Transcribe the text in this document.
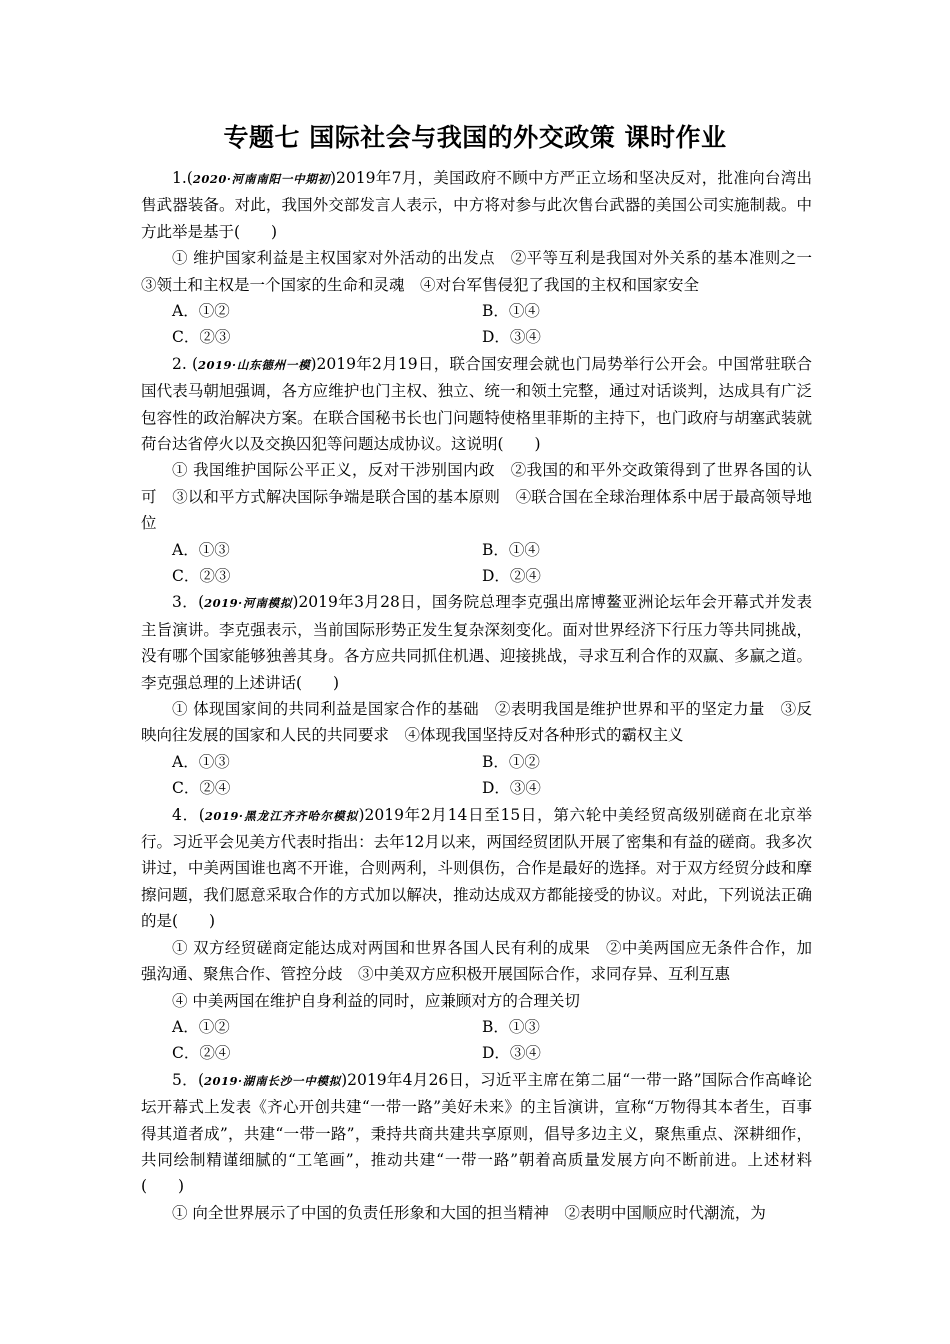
专题七 国际社会与我国的外交政策 课时作业

1.(2020·河南南阳一中期初)2019年7月，美国政府不顾中方严正立场和坚决反对，批准向台湾出售武器装备。对此，我国外交部发言人表示，中方将对参与此次售台武器的美国公司实施制裁。中方此举是基于(　　)

① 维护国家利益是主权国家对外活动的出发点　②平等互利是我国对外关系的基本准则之一　③领土和主权是一个国家的生命和灵魂　④对台军售侵犯了我国的主权和国家安全

A．①②	B．①④
C．②③	D．③④

2. (2019·山东德州一模)2019年2月19日，联合国安理会就也门局势举行公开会。中国常驻联合国代表马朝旭强调，各方应维护也门主权、独立、统一和领土完整，通过对话谈判，达成具有广泛包容性的政治解决方案。在联合国秘书长也门问题特使格里菲斯的主持下，也门政府与胡塞武装就荷台达省停火以及交换囚犯等问题达成协议。这说明(　　)

① 我国维护国际公平正义，反对干涉别国内政　②我国的和平外交政策得到了世界各国的认可　③以和平方式解决国际争端是联合国的基本原则　④联合国在全球治理体系中居于最高领导地位

A．①③	B．①④
C．②③	D．②④

3．(2019·河南模拟)2019年3月28日，国务院总理李克强出席博鳌亚洲论坛年会开幕式并发表主旨演讲。李克强表示，当前国际形势正发生复杂深刻变化。面对世界经济下行压力等共同挑战，没有哪个国家能够独善其身。各方应共同抓住机遇、迎接挑战，寻求互利合作的双赢、多赢之道。李克强总理的上述讲话(　　)

① 体现国家间的共同利益是国家合作的基础　②表明我国是维护世界和平的坚定力量　③反映向往发展的国家和人民的共同要求　④体现我国坚持反对各种形式的霸权主义

A．①③	B．①②
C．②④	D．③④

4．(2019·黑龙江齐齐哈尔模拟)2019年2月14日至15日，第六轮中美经贸高级别磋商在北京举行。习近平会见美方代表时指出：去年12月以来，两国经贸团队开展了密集和有益的磋商。我多次讲过，中美两国谁也离不开谁，合则两利，斗则俱伤，合作是最好的选择。对于双方经贸分歧和摩擦问题，我们愿意采取合作的方式加以解决，推动达成双方都能接受的协议。对此，下列说法正确的是(　　)

① 双方经贸磋商定能达成对两国和世界各国人民有利的成果　②中美两国应无条件合作，加强沟通、聚焦合作、管控分歧　③中美双方应积极开展国际合作，求同存异、互利互惠

④ 中美两国在维护自身利益的同时，应兼顾对方的合理关切

A．①②	B．①③
C．②④	D．③④

5．(2019·湖南长沙一中模拟)2019年4月26日，习近平主席在第二届“一带一路”国际合作高峰论坛开幕式上发表《齐心开创共建“一带一路”美好未来》的主旨演讲，宣称“万物得其本者生，百事得其道者成”，共建“一带一路”，秉持共商共建共享原则，倡导多边主义，聚焦重点、深耕细作，共同绘制精谨细腻的“工笔画”，推动共建“一带一路”朝着高质量发展方向不断前进。上述材料(　　)

① 向全世界展示了中国的负责任形象和大国的担当精神　②表明中国顺应时代潮流，为
